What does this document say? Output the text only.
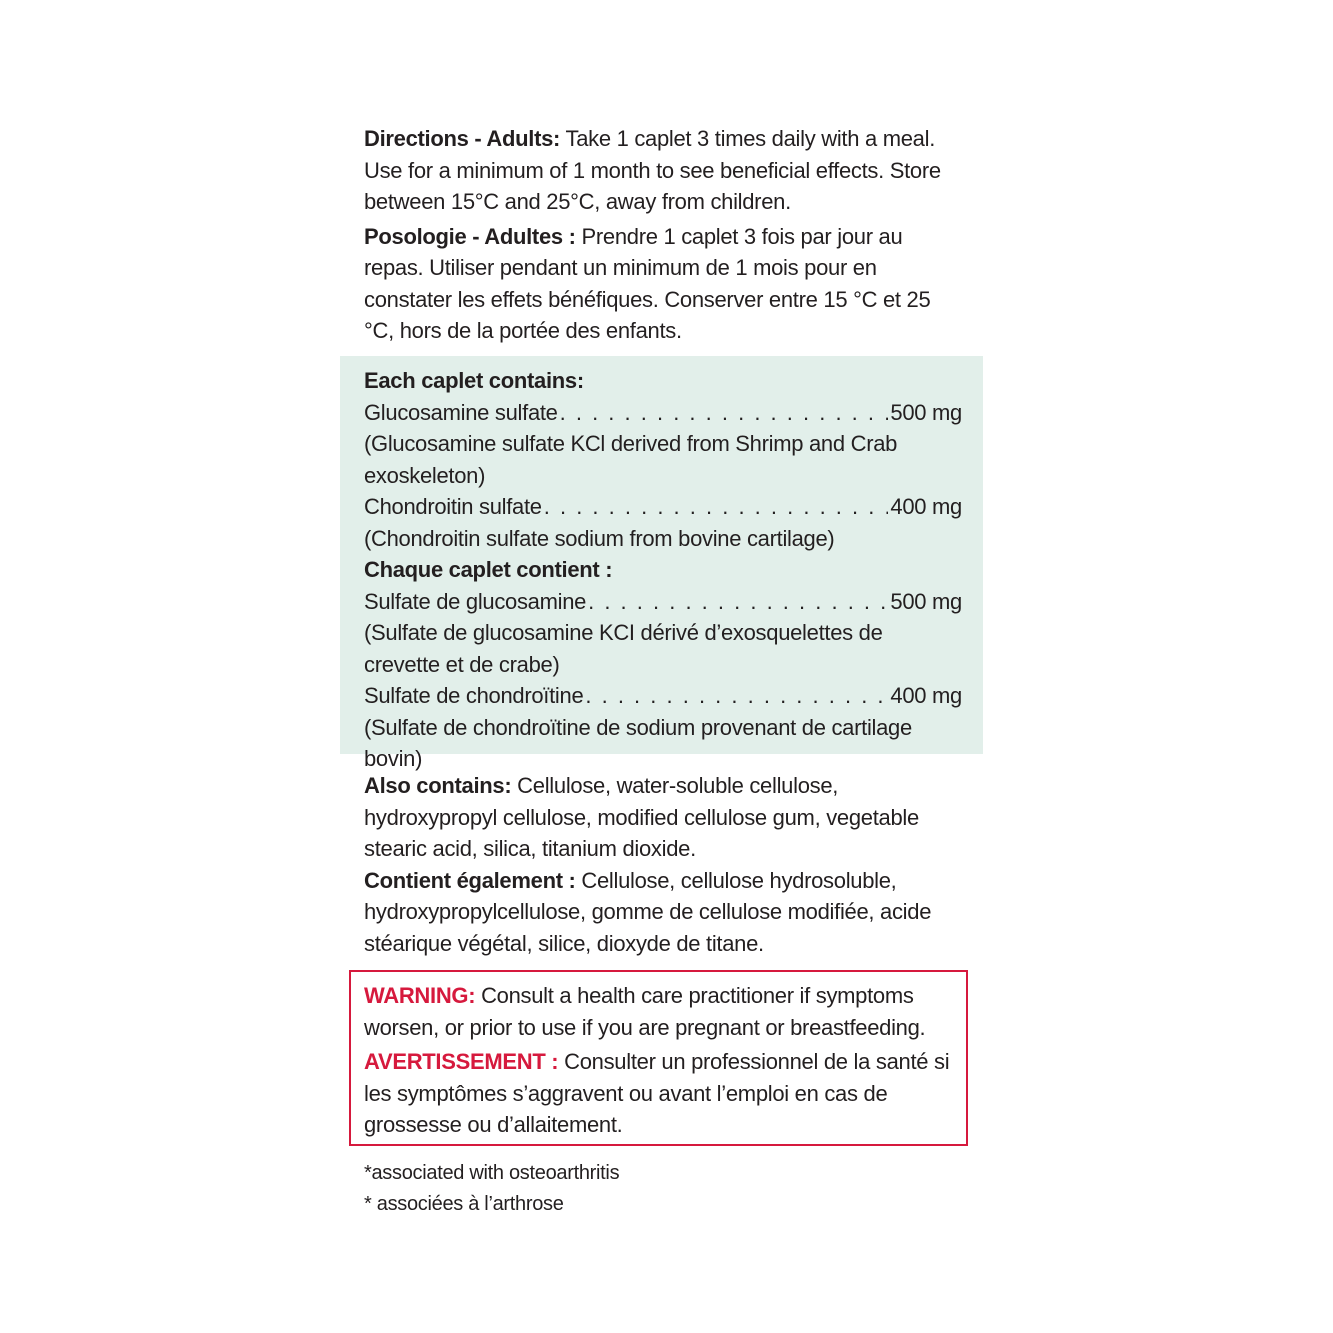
Directions - Adults: Take 1 caplet 3 times daily with a meal. Use for a minimum of 1 month to see beneficial effects. Store between 15°C and 25°C, away from children.

Posologie - Adultes : Prendre 1 caplet 3 fois par jour au repas. Utiliser pendant un minimum de 1 mois pour en constater les effets bénéfiques. Conserver entre 15 °C et 25 °C, hors de la portée des enfants.

Each caplet contains:
Glucosamine sulfate . . .	500 mg
(Glucosamine sulfate KCl derived from Shrimp and Crab exoskeleton)
Chondroitin sulfate . . .	400 mg
(Chondroitin sulfate sodium from bovine cartilage)
Chaque caplet contient :
Sulfate de glucosamine . . .	500 mg
(Sulfate de glucosamine KCI dérivé d’exosquelettes de crevette et de crabe)
Sulfate de chondroïtine . . .	400 mg
(Sulfate de chondroïtine de sodium provenant de cartilage bovin)

Also contains: Cellulose, water-soluble cellulose, hydroxypropyl cellulose, modified cellulose gum, vegetable stearic acid, silica, titanium dioxide.

Contient également : Cellulose, cellulose hydrosoluble, hydroxypropylcellulose, gomme de cellulose modifiée, acide stéarique végétal, silice, dioxyde de titane.

WARNING: Consult a health care practitioner if symptoms worsen, or prior to use if you are pregnant or breastfeeding.

AVERTISSEMENT : Consulter un professionnel de la santé si les symptômes s’aggravent ou avant l’emploi en cas de grossesse ou d’allaitement.

*associated with osteoarthritis
* associées à l’arthrose
